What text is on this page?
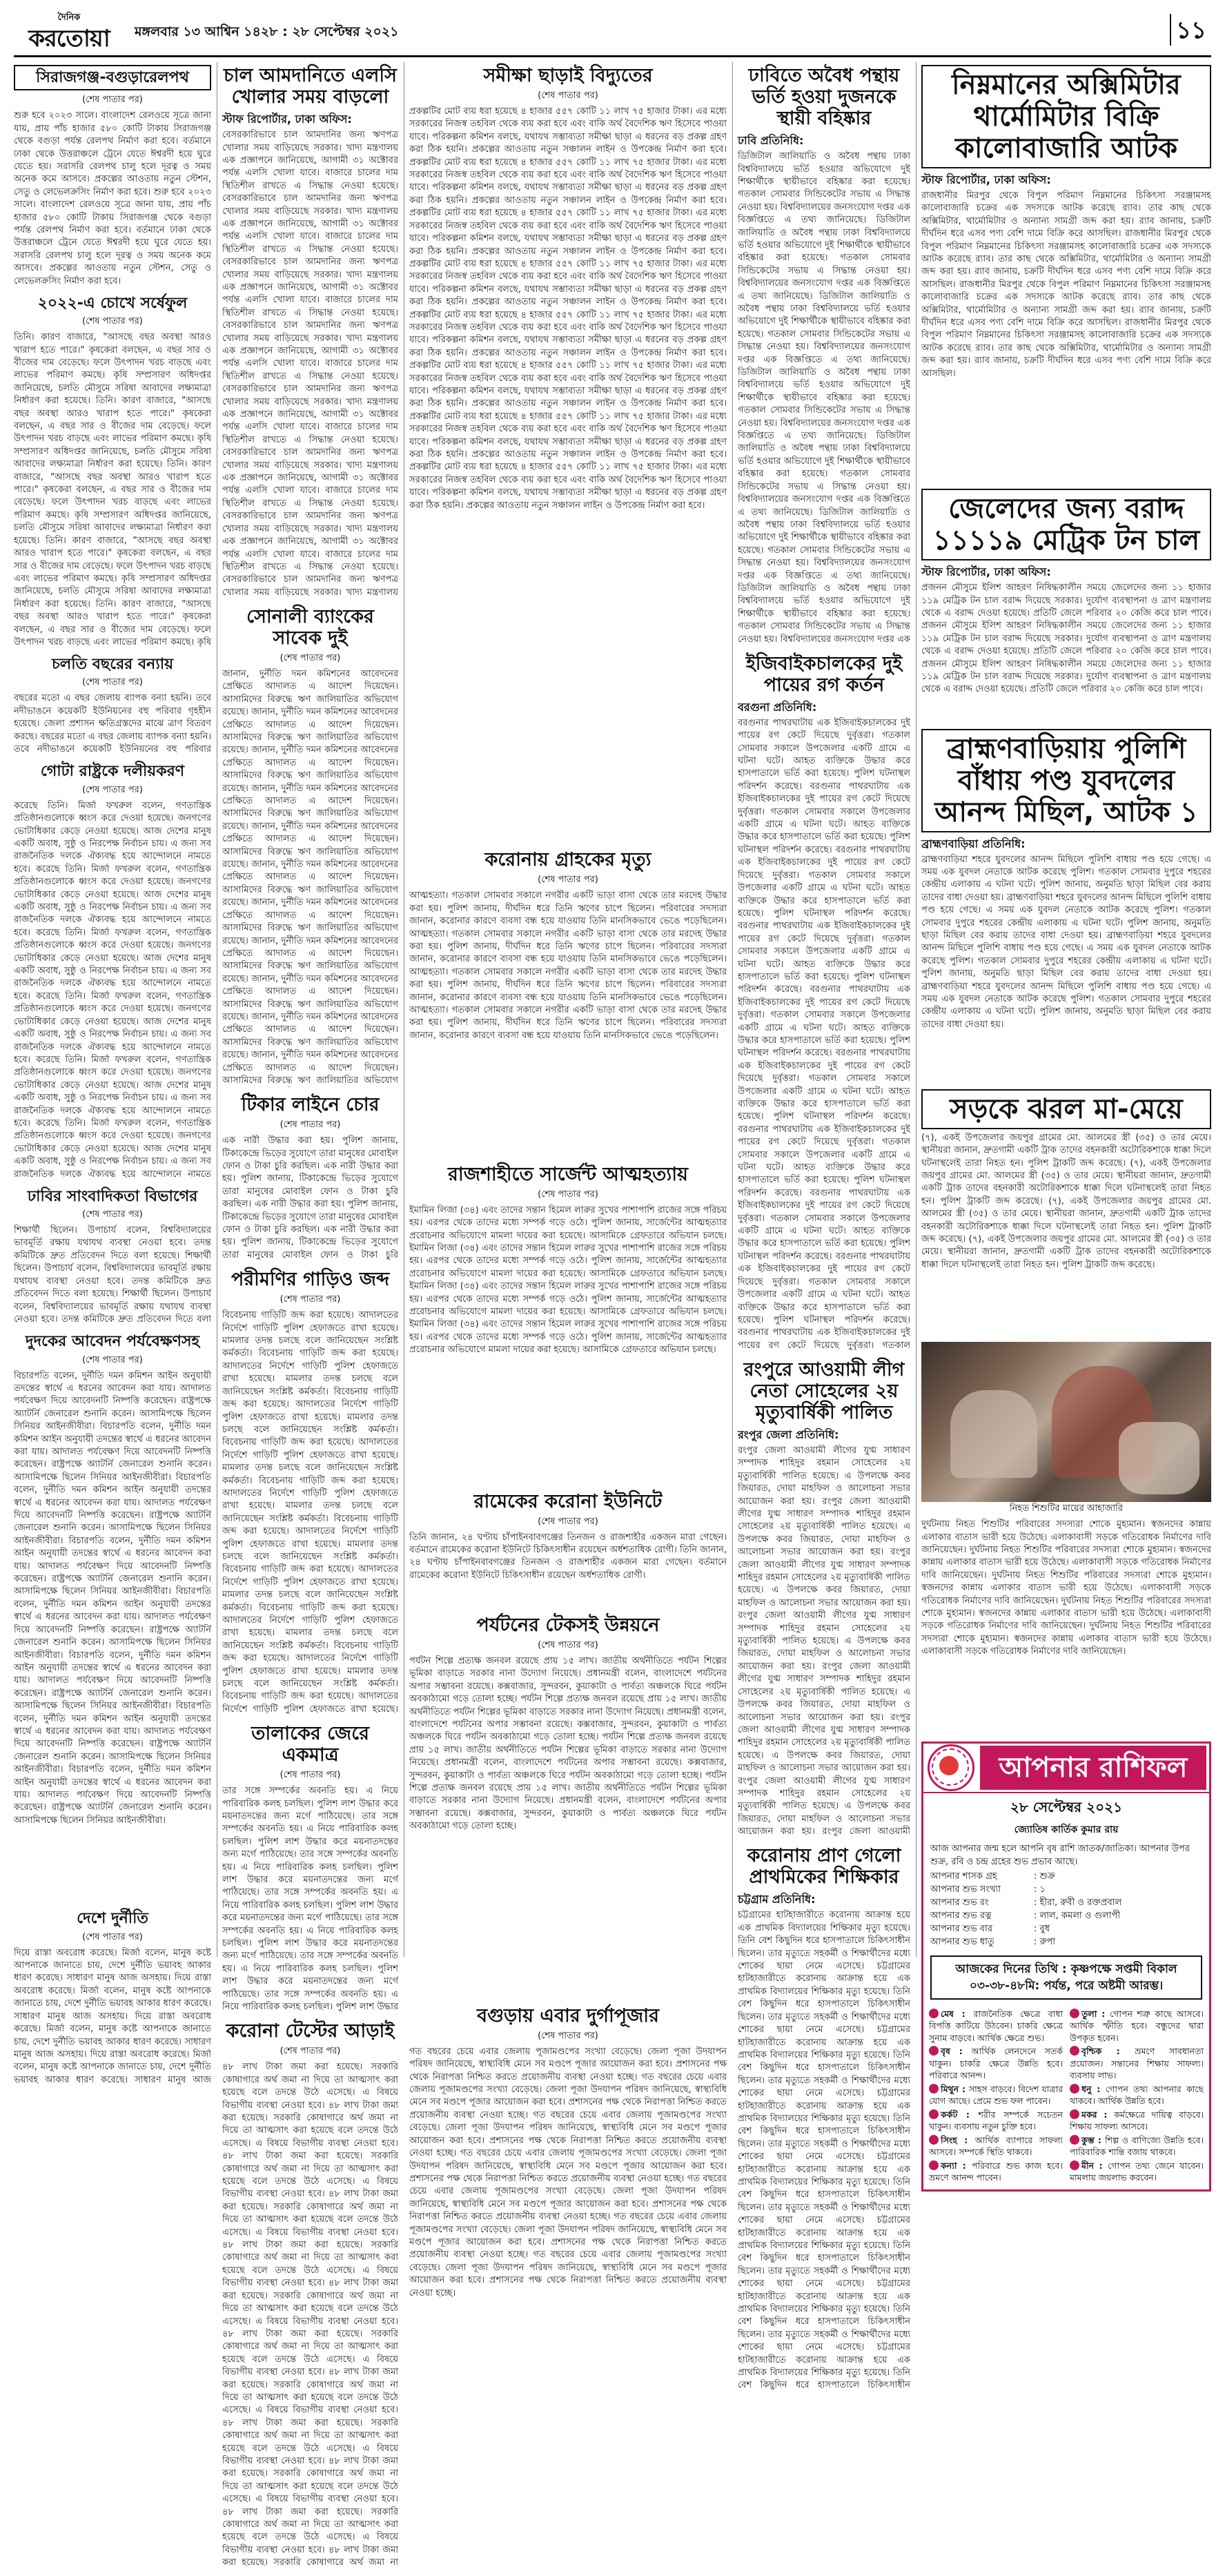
দৈনিক
করতোয়া	মঙ্গলবার ১৩ আশ্বিন ১৪২৮ : ২৮ সেপ্টেম্বর ২০২১	১১
সিরাজগঞ্জ-বগুড়ারেলপথ
(শেষ পাতার পর)
শুরু হবে ২০২৩ সালে। বাংলাদেশ রেলওয়ে সূত্রে জানা যায়, প্রায় পাঁচ হাজার ৫৮০ কোটি টাকায় সিরাজগঞ্জ থেকে বগুড়া পর্যন্ত রেলপথ নির্মাণ করা হবে। বর্তমানে ঢাকা থেকে উত্তরাঞ্চলে ট্রেনে যেতে ঈশ্বরদী হয়ে ঘুরে যেতে হয়। সরাসরি রেলপথ চালু হলে দূরত্ব ও সময় অনেক কমে আসবে। প্রকল্পের আওতায় নতুন স্টেশন, সেতু ও লেভেলক্রসিং নির্মাণ করা হবে। শুরু হবে ২০২৩ সালে। বাংলাদেশ রেলওয়ে সূত্রে জানা যায়, প্রায় পাঁচ হাজার ৫৮০ কোটি টাকায় সিরাজগঞ্জ থেকে বগুড়া পর্যন্ত রেলপথ নির্মাণ করা হবে। বর্তমানে ঢাকা থেকে উত্তরাঞ্চলে ট্রেনে যেতে ঈশ্বরদী হয়ে ঘুরে যেতে হয়। সরাসরি রেলপথ চালু হলে দূরত্ব ও সময় অনেক কমে আসবে। প্রকল্পের আওতায় নতুন স্টেশন, সেতু ও লেভেলক্রসিং নির্মাণ করা হবে।
২০২২-এ চোখে সর্ষেফুল
(শেষ পাতার পর)
তিনি। কারণ বাজারে, "আসছে বছর অবস্থা আরও খারাপ হতে পারে।" কৃষকেরা বলছেন, এ বছর সার ও বীজের দাম বেড়েছে। ফলে উৎপাদন খরচ বাড়ছে এবং লাভের পরিমাণ কমছে। কৃষি সম্প্রসারণ অধিদপ্তর জানিয়েছে, চলতি মৌসুমে সরিষা আবাদের লক্ষ্যমাত্রা নির্ধারণ করা হয়েছে। তিনি। কারণ বাজারে, "আসছে বছর অবস্থা আরও খারাপ হতে পারে।" কৃষকেরা বলছেন, এ বছর সার ও বীজের দাম বেড়েছে। ফলে উৎপাদন খরচ বাড়ছে এবং লাভের পরিমাণ কমছে। কৃষি সম্প্রসারণ অধিদপ্তর জানিয়েছে, চলতি মৌসুমে সরিষা আবাদের লক্ষ্যমাত্রা নির্ধারণ করা হয়েছে। তিনি। কারণ বাজারে, "আসছে বছর অবস্থা আরও খারাপ হতে পারে।" কৃষকেরা বলছেন, এ বছর সার ও বীজের দাম বেড়েছে। ফলে উৎপাদন খরচ বাড়ছে এবং লাভের পরিমাণ কমছে। কৃষি সম্প্রসারণ অধিদপ্তর জানিয়েছে, চলতি মৌসুমে সরিষা আবাদের লক্ষ্যমাত্রা নির্ধারণ করা হয়েছে। তিনি। কারণ বাজারে, "আসছে বছর অবস্থা আরও খারাপ হতে পারে।" কৃষকেরা বলছেন, এ বছর সার ও বীজের দাম বেড়েছে। ফলে উৎপাদন খরচ বাড়ছে এবং লাভের পরিমাণ কমছে। কৃষি সম্প্রসারণ অধিদপ্তর জানিয়েছে, চলতি মৌসুমে সরিষা আবাদের লক্ষ্যমাত্রা নির্ধারণ করা হয়েছে। তিনি। কারণ বাজারে, "আসছে বছর অবস্থা আরও খারাপ হতে পারে।" কৃষকেরা বলছেন, এ বছর সার ও বীজের দাম বেড়েছে। ফলে উৎপাদন খরচ বাড়ছে এবং লাভের পরিমাণ কমছে। কৃষি
চলতি বছরের বন্যায়
(শেষ পাতার পর)
বছরের মতো এ বছর জেলায় ব্যাপক বন্যা হয়নি। তবে নদীভাঙনে কয়েকটি ইউনিয়নের বহু পরিবার গৃহহীন হয়েছে। জেলা প্রশাসন ক্ষতিগ্রস্তদের মাঝে ত্রাণ বিতরণ করছে। বছরের মতো এ বছর জেলায় ব্যাপক বন্যা হয়নি। তবে নদীভাঙনে কয়েকটি ইউনিয়নের বহু পরিবার
গোটা রাষ্ট্রকে দলীয়করণ
(শেষ পাতার পর)
করেছে তিনি। মির্জা ফখরুল বলেন, গণতান্ত্রিক প্রতিষ্ঠানগুলোকে ধ্বংস করে দেওয়া হয়েছে। জনগণের ভোটাধিকার কেড়ে নেওয়া হয়েছে। আজ দেশের মানুষ একটি অবাধ, সুষ্ঠু ও নিরপেক্ষ নির্বাচন চায়। এ জন্য সব রাজনৈতিক দলকে ঐক্যবদ্ধ হয়ে আন্দোলনে নামতে হবে। করেছে তিনি। মির্জা ফখরুল বলেন, গণতান্ত্রিক প্রতিষ্ঠানগুলোকে ধ্বংস করে দেওয়া হয়েছে। জনগণের ভোটাধিকার কেড়ে নেওয়া হয়েছে। আজ দেশের মানুষ একটি অবাধ, সুষ্ঠু ও নিরপেক্ষ নির্বাচন চায়। এ জন্য সব রাজনৈতিক দলকে ঐক্যবদ্ধ হয়ে আন্দোলনে নামতে হবে। করেছে তিনি। মির্জা ফখরুল বলেন, গণতান্ত্রিক প্রতিষ্ঠানগুলোকে ধ্বংস করে দেওয়া হয়েছে। জনগণের ভোটাধিকার কেড়ে নেওয়া হয়েছে। আজ দেশের মানুষ একটি অবাধ, সুষ্ঠু ও নিরপেক্ষ নির্বাচন চায়। এ জন্য সব রাজনৈতিক দলকে ঐক্যবদ্ধ হয়ে আন্দোলনে নামতে হবে। করেছে তিনি। মির্জা ফখরুল বলেন, গণতান্ত্রিক প্রতিষ্ঠানগুলোকে ধ্বংস করে দেওয়া হয়েছে। জনগণের ভোটাধিকার কেড়ে নেওয়া হয়েছে। আজ দেশের মানুষ একটি অবাধ, সুষ্ঠু ও নিরপেক্ষ নির্বাচন চায়। এ জন্য সব রাজনৈতিক দলকে ঐক্যবদ্ধ হয়ে আন্দোলনে নামতে হবে। করেছে তিনি। মির্জা ফখরুল বলেন, গণতান্ত্রিক প্রতিষ্ঠানগুলোকে ধ্বংস করে দেওয়া হয়েছে। জনগণের ভোটাধিকার কেড়ে নেওয়া হয়েছে। আজ দেশের মানুষ একটি অবাধ, সুষ্ঠু ও নিরপেক্ষ নির্বাচন চায়। এ জন্য সব রাজনৈতিক দলকে ঐক্যবদ্ধ হয়ে আন্দোলনে নামতে হবে। করেছে তিনি। মির্জা ফখরুল বলেন, গণতান্ত্রিক প্রতিষ্ঠানগুলোকে ধ্বংস করে দেওয়া হয়েছে। জনগণের ভোটাধিকার কেড়ে নেওয়া হয়েছে। আজ দেশের মানুষ একটি অবাধ, সুষ্ঠু ও নিরপেক্ষ নির্বাচন চায়। এ জন্য সব রাজনৈতিক দলকে ঐক্যবদ্ধ হয়ে আন্দোলনে নামতে
ঢাবির সাংবাদিকতা বিভাগের
(শেষ পাতার পর)
শিক্ষার্থী ছিলেন। উপাচার্য বলেন, বিশ্ববিদ্যালয়ের ভাবমূর্তি রক্ষায় যথাযথ ব্যবস্থা নেওয়া হবে। তদন্ত কমিটিকে দ্রুত প্রতিবেদন দিতে বলা হয়েছে। শিক্ষার্থী ছিলেন। উপাচার্য বলেন, বিশ্ববিদ্যালয়ের ভাবমূর্তি রক্ষায় যথাযথ ব্যবস্থা নেওয়া হবে। তদন্ত কমিটিকে দ্রুত প্রতিবেদন দিতে বলা হয়েছে। শিক্ষার্থী ছিলেন। উপাচার্য বলেন, বিশ্ববিদ্যালয়ের ভাবমূর্তি রক্ষায় যথাযথ ব্যবস্থা নেওয়া হবে। তদন্ত কমিটিকে দ্রুত প্রতিবেদন দিতে বলা
দুদকের আবেদন পর্যবেক্ষণসহ
(শেষ পাতার পর)
বিচারপতি বলেন, দুর্নীতি দমন কমিশন আইন অনুযায়ী তদন্তের স্বার্থে এ ধরনের আবেদন করা যায়। আদালত পর্যবেক্ষণ দিয়ে আবেদনটি নিষ্পত্তি করেছেন। রাষ্ট্রপক্ষে অ্যাটর্নি জেনারেল শুনানি করেন। আসামিপক্ষে ছিলেন সিনিয়র আইনজীবীরা। বিচারপতি বলেন, দুর্নীতি দমন কমিশন আইন অনুযায়ী তদন্তের স্বার্থে এ ধরনের আবেদন করা যায়। আদালত পর্যবেক্ষণ দিয়ে আবেদনটি নিষ্পত্তি করেছেন। রাষ্ট্রপক্ষে অ্যাটর্নি জেনারেল শুনানি করেন। আসামিপক্ষে ছিলেন সিনিয়র আইনজীবীরা। বিচারপতি বলেন, দুর্নীতি দমন কমিশন আইন অনুযায়ী তদন্তের স্বার্থে এ ধরনের আবেদন করা যায়। আদালত পর্যবেক্ষণ দিয়ে আবেদনটি নিষ্পত্তি করেছেন। রাষ্ট্রপক্ষে অ্যাটর্নি জেনারেল শুনানি করেন। আসামিপক্ষে ছিলেন সিনিয়র আইনজীবীরা। বিচারপতি বলেন, দুর্নীতি দমন কমিশন আইন অনুযায়ী তদন্তের স্বার্থে এ ধরনের আবেদন করা যায়। আদালত পর্যবেক্ষণ দিয়ে আবেদনটি নিষ্পত্তি করেছেন। রাষ্ট্রপক্ষে অ্যাটর্নি জেনারেল শুনানি করেন। আসামিপক্ষে ছিলেন সিনিয়র আইনজীবীরা। বিচারপতি বলেন, দুর্নীতি দমন কমিশন আইন অনুযায়ী তদন্তের স্বার্থে এ ধরনের আবেদন করা যায়। আদালত পর্যবেক্ষণ দিয়ে আবেদনটি নিষ্পত্তি করেছেন। রাষ্ট্রপক্ষে অ্যাটর্নি জেনারেল শুনানি করেন। আসামিপক্ষে ছিলেন সিনিয়র আইনজীবীরা। বিচারপতি বলেন, দুর্নীতি দমন কমিশন আইন অনুযায়ী তদন্তের স্বার্থে এ ধরনের আবেদন করা যায়। আদালত পর্যবেক্ষণ দিয়ে আবেদনটি নিষ্পত্তি করেছেন। রাষ্ট্রপক্ষে অ্যাটর্নি জেনারেল শুনানি করেন। আসামিপক্ষে ছিলেন সিনিয়র আইনজীবীরা। বিচারপতি বলেন, দুর্নীতি দমন কমিশন আইন অনুযায়ী তদন্তের স্বার্থে এ ধরনের আবেদন করা যায়। আদালত পর্যবেক্ষণ দিয়ে আবেদনটি নিষ্পত্তি করেছেন। রাষ্ট্রপক্ষে অ্যাটর্নি জেনারেল শুনানি করেন। আসামিপক্ষে ছিলেন সিনিয়র আইনজীবীরা। বিচারপতি বলেন, দুর্নীতি দমন কমিশন আইন অনুযায়ী তদন্তের স্বার্থে এ ধরনের আবেদন করা যায়। আদালত পর্যবেক্ষণ দিয়ে আবেদনটি নিষ্পত্তি করেছেন। রাষ্ট্রপক্ষে অ্যাটর্নি জেনারেল শুনানি করেন। আসামিপক্ষে ছিলেন সিনিয়র আইনজীবীরা।
দেশে দুর্নীতি
(শেষ পাতার পর)
দিয়ে রাস্তা অবরোধ করেছে। মির্জা বলেন, মানুষ কষ্টে আপনাকে জানাতে চায়, দেশে দুর্নীতি ভয়াবহ আকার ধারণ করেছে। সাধারণ মানুষ আজ অসহায়। দিয়ে রাস্তা অবরোধ করেছে। মির্জা বলেন, মানুষ কষ্টে আপনাকে জানাতে চায়, দেশে দুর্নীতি ভয়াবহ আকার ধারণ করেছে। সাধারণ মানুষ আজ অসহায়। দিয়ে রাস্তা অবরোধ করেছে। মির্জা বলেন, মানুষ কষ্টে আপনাকে জানাতে চায়, দেশে দুর্নীতি ভয়াবহ আকার ধারণ করেছে। সাধারণ মানুষ আজ অসহায়। দিয়ে রাস্তা অবরোধ করেছে। মির্জা বলেন, মানুষ কষ্টে আপনাকে জানাতে চায়, দেশে দুর্নীতি ভয়াবহ আকার ধারণ করেছে। সাধারণ মানুষ আজ
চাল আমদানিতে এলসি খোলার সময় বাড়লো
স্টাফ রিপোর্টার, ঢাকা অফিস:
বেসরকারিভাবে চাল আমদানির জন্য ঋণপত্র খোলার সময় বাড়িয়েছে সরকার। খাদ্য মন্ত্রণালয় এক প্রজ্ঞাপনে জানিয়েছে, আগামী ৩১ অক্টোবর পর্যন্ত এলসি খোলা যাবে। বাজারে চালের দাম স্থিতিশীল রাখতে এ সিদ্ধান্ত নেওয়া হয়েছে। বেসরকারিভাবে চাল আমদানির জন্য ঋণপত্র খোলার সময় বাড়িয়েছে সরকার। খাদ্য মন্ত্রণালয় এক প্রজ্ঞাপনে জানিয়েছে, আগামী ৩১ অক্টোবর পর্যন্ত এলসি খোলা যাবে। বাজারে চালের দাম স্থিতিশীল রাখতে এ সিদ্ধান্ত নেওয়া হয়েছে। বেসরকারিভাবে চাল আমদানির জন্য ঋণপত্র খোলার সময় বাড়িয়েছে সরকার। খাদ্য মন্ত্রণালয় এক প্রজ্ঞাপনে জানিয়েছে, আগামী ৩১ অক্টোবর পর্যন্ত এলসি খোলা যাবে। বাজারে চালের দাম স্থিতিশীল রাখতে এ সিদ্ধান্ত নেওয়া হয়েছে। বেসরকারিভাবে চাল আমদানির জন্য ঋণপত্র খোলার সময় বাড়িয়েছে সরকার। খাদ্য মন্ত্রণালয় এক প্রজ্ঞাপনে জানিয়েছে, আগামী ৩১ অক্টোবর পর্যন্ত এলসি খোলা যাবে। বাজারে চালের দাম স্থিতিশীল রাখতে এ সিদ্ধান্ত নেওয়া হয়েছে। বেসরকারিভাবে চাল আমদানির জন্য ঋণপত্র খোলার সময় বাড়িয়েছে সরকার। খাদ্য মন্ত্রণালয় এক প্রজ্ঞাপনে জানিয়েছে, আগামী ৩১ অক্টোবর পর্যন্ত এলসি খোলা যাবে। বাজারে চালের দাম স্থিতিশীল রাখতে এ সিদ্ধান্ত নেওয়া হয়েছে। বেসরকারিভাবে চাল আমদানির জন্য ঋণপত্র খোলার সময় বাড়িয়েছে সরকার। খাদ্য মন্ত্রণালয় এক প্রজ্ঞাপনে জানিয়েছে, আগামী ৩১ অক্টোবর পর্যন্ত এলসি খোলা যাবে। বাজারে চালের দাম স্থিতিশীল রাখতে এ সিদ্ধান্ত নেওয়া হয়েছে। বেসরকারিভাবে চাল আমদানির জন্য ঋণপত্র খোলার সময় বাড়িয়েছে সরকার। খাদ্য মন্ত্রণালয় এক প্রজ্ঞাপনে জানিয়েছে, আগামী ৩১ অক্টোবর পর্যন্ত এলসি খোলা যাবে। বাজারে চালের দাম স্থিতিশীল রাখতে এ সিদ্ধান্ত নেওয়া হয়েছে। বেসরকারিভাবে চাল আমদানির জন্য ঋণপত্র খোলার সময় বাড়িয়েছে সরকার। খাদ্য মন্ত্রণালয়
সোনালী ব্যাংকের সাবেক দুই
(শেষ পাতার পর)
জানান, দুর্নীতি দমন কমিশনের আবেদনের প্রেক্ষিতে আদালত এ আদেশ দিয়েছেন। আসামিদের বিরুদ্ধে ঋণ জালিয়াতির অভিযোগ রয়েছে। জানান, দুর্নীতি দমন কমিশনের আবেদনের প্রেক্ষিতে আদালত এ আদেশ দিয়েছেন। আসামিদের বিরুদ্ধে ঋণ জালিয়াতির অভিযোগ রয়েছে। জানান, দুর্নীতি দমন কমিশনের আবেদনের প্রেক্ষিতে আদালত এ আদেশ দিয়েছেন। আসামিদের বিরুদ্ধে ঋণ জালিয়াতির অভিযোগ রয়েছে। জানান, দুর্নীতি দমন কমিশনের আবেদনের প্রেক্ষিতে আদালত এ আদেশ দিয়েছেন। আসামিদের বিরুদ্ধে ঋণ জালিয়াতির অভিযোগ রয়েছে। জানান, দুর্নীতি দমন কমিশনের আবেদনের প্রেক্ষিতে আদালত এ আদেশ দিয়েছেন। আসামিদের বিরুদ্ধে ঋণ জালিয়াতির অভিযোগ রয়েছে। জানান, দুর্নীতি দমন কমিশনের আবেদনের প্রেক্ষিতে আদালত এ আদেশ দিয়েছেন। আসামিদের বিরুদ্ধে ঋণ জালিয়াতির অভিযোগ রয়েছে। জানান, দুর্নীতি দমন কমিশনের আবেদনের প্রেক্ষিতে আদালত এ আদেশ দিয়েছেন। আসামিদের বিরুদ্ধে ঋণ জালিয়াতির অভিযোগ রয়েছে। জানান, দুর্নীতি দমন কমিশনের আবেদনের প্রেক্ষিতে আদালত এ আদেশ দিয়েছেন। আসামিদের বিরুদ্ধে ঋণ জালিয়াতির অভিযোগ রয়েছে। জানান, দুর্নীতি দমন কমিশনের আবেদনের প্রেক্ষিতে আদালত এ আদেশ দিয়েছেন। আসামিদের বিরুদ্ধে ঋণ জালিয়াতির অভিযোগ রয়েছে। জানান, দুর্নীতি দমন কমিশনের আবেদনের প্রেক্ষিতে আদালত এ আদেশ দিয়েছেন। আসামিদের বিরুদ্ধে ঋণ জালিয়াতির অভিযোগ রয়েছে। জানান, দুর্নীতি দমন কমিশনের আবেদনের প্রেক্ষিতে আদালত এ আদেশ দিয়েছেন। আসামিদের বিরুদ্ধে ঋণ জালিয়াতির অভিযোগ
টিকার লাইনে চোর
(শেষ পাতার পর)
এক নারী উদ্ধার করা হয়। পুলিশ জানায়, টিকাকেন্দ্রে ভিড়ের সুযোগে তারা মানুষের মোবাইল ফোন ও টাকা চুরি করছিল। এক নারী উদ্ধার করা হয়। পুলিশ জানায়, টিকাকেন্দ্রে ভিড়ের সুযোগে তারা মানুষের মোবাইল ফোন ও টাকা চুরি করছিল। এক নারী উদ্ধার করা হয়। পুলিশ জানায়, টিকাকেন্দ্রে ভিড়ের সুযোগে তারা মানুষের মোবাইল ফোন ও টাকা চুরি করছিল। এক নারী উদ্ধার করা হয়। পুলিশ জানায়, টিকাকেন্দ্রে ভিড়ের সুযোগে তারা মানুষের মোবাইল ফোন ও টাকা চুরি
পরীমণির গাড়িও জব্দ
(শেষ পাতার পর)
বিবেচনায় গাড়িটি জব্দ করা হয়েছে। আদালতের নির্দেশে গাড়িটি পুলিশ হেফাজতে রাখা হয়েছে। মামলার তদন্ত চলছে বলে জানিয়েছেন সংশ্লিষ্ট কর্মকর্তা। বিবেচনায় গাড়িটি জব্দ করা হয়েছে। আদালতের নির্দেশে গাড়িটি পুলিশ হেফাজতে রাখা হয়েছে। মামলার তদন্ত চলছে বলে জানিয়েছেন সংশ্লিষ্ট কর্মকর্তা। বিবেচনায় গাড়িটি জব্দ করা হয়েছে। আদালতের নির্দেশে গাড়িটি পুলিশ হেফাজতে রাখা হয়েছে। মামলার তদন্ত চলছে বলে জানিয়েছেন সংশ্লিষ্ট কর্মকর্তা। বিবেচনায় গাড়িটি জব্দ করা হয়েছে। আদালতের নির্দেশে গাড়িটি পুলিশ হেফাজতে রাখা হয়েছে। মামলার তদন্ত চলছে বলে জানিয়েছেন সংশ্লিষ্ট কর্মকর্তা। বিবেচনায় গাড়িটি জব্দ করা হয়েছে। আদালতের নির্দেশে গাড়িটি পুলিশ হেফাজতে রাখা হয়েছে। মামলার তদন্ত চলছে বলে জানিয়েছেন সংশ্লিষ্ট কর্মকর্তা। বিবেচনায় গাড়িটি জব্দ করা হয়েছে। আদালতের নির্দেশে গাড়িটি পুলিশ হেফাজতে রাখা হয়েছে। মামলার তদন্ত চলছে বলে জানিয়েছেন সংশ্লিষ্ট কর্মকর্তা। বিবেচনায় গাড়িটি জব্দ করা হয়েছে। আদালতের নির্দেশে গাড়িটি পুলিশ হেফাজতে রাখা হয়েছে। মামলার তদন্ত চলছে বলে জানিয়েছেন সংশ্লিষ্ট কর্মকর্তা। বিবেচনায় গাড়িটি জব্দ করা হয়েছে। আদালতের নির্দেশে গাড়িটি পুলিশ হেফাজতে রাখা হয়েছে। মামলার তদন্ত চলছে বলে জানিয়েছেন সংশ্লিষ্ট কর্মকর্তা। বিবেচনায় গাড়িটি জব্দ করা হয়েছে। আদালতের নির্দেশে গাড়িটি পুলিশ হেফাজতে রাখা হয়েছে। মামলার তদন্ত চলছে বলে জানিয়েছেন সংশ্লিষ্ট কর্মকর্তা। বিবেচনায় গাড়িটি জব্দ করা হয়েছে। আদালতের নির্দেশে গাড়িটি পুলিশ হেফাজতে রাখা হয়েছে।
তালাকের জেরে একমাত্র
(শেষ পাতার পর)
তার সঙ্গে সম্পর্কের অবনতি হয়। এ নিয়ে পারিবারিক কলহ চলছিল। পুলিশ লাশ উদ্ধার করে ময়নাতদন্তের জন্য মর্গে পাঠিয়েছে। তার সঙ্গে সম্পর্কের অবনতি হয়। এ নিয়ে পারিবারিক কলহ চলছিল। পুলিশ লাশ উদ্ধার করে ময়নাতদন্তের জন্য মর্গে পাঠিয়েছে। তার সঙ্গে সম্পর্কের অবনতি হয়। এ নিয়ে পারিবারিক কলহ চলছিল। পুলিশ লাশ উদ্ধার করে ময়নাতদন্তের জন্য মর্গে পাঠিয়েছে। তার সঙ্গে সম্পর্কের অবনতি হয়। এ নিয়ে পারিবারিক কলহ চলছিল। পুলিশ লাশ উদ্ধার করে ময়নাতদন্তের জন্য মর্গে পাঠিয়েছে। তার সঙ্গে সম্পর্কের অবনতি হয়। এ নিয়ে পারিবারিক কলহ চলছিল। পুলিশ লাশ উদ্ধার করে ময়নাতদন্তের জন্য মর্গে পাঠিয়েছে। তার সঙ্গে সম্পর্কের অবনতি হয়। এ নিয়ে পারিবারিক কলহ চলছিল। পুলিশ লাশ উদ্ধার করে ময়নাতদন্তের জন্য মর্গে পাঠিয়েছে। তার সঙ্গে সম্পর্কের অবনতি হয়। এ নিয়ে পারিবারিক কলহ চলছিল। পুলিশ লাশ উদ্ধার
করোনা টেস্টের আড়াই
(শেষ পাতার পর)
৪৮ লাখ টাকা জমা করা হয়েছে। সরকারি কোষাগারে অর্থ জমা না দিয়ে তা আত্মসাৎ করা হয়েছে বলে তদন্তে উঠে এসেছে। এ বিষয়ে বিভাগীয় ব্যবস্থা নেওয়া হবে। ৪৮ লাখ টাকা জমা করা হয়েছে। সরকারি কোষাগারে অর্থ জমা না দিয়ে তা আত্মসাৎ করা হয়েছে বলে তদন্তে উঠে এসেছে। এ বিষয়ে বিভাগীয় ব্যবস্থা নেওয়া হবে। ৪৮ লাখ টাকা জমা করা হয়েছে। সরকারি কোষাগারে অর্থ জমা না দিয়ে তা আত্মসাৎ করা হয়েছে বলে তদন্তে উঠে এসেছে। এ বিষয়ে বিভাগীয় ব্যবস্থা নেওয়া হবে। ৪৮ লাখ টাকা জমা করা হয়েছে। সরকারি কোষাগারে অর্থ জমা না দিয়ে তা আত্মসাৎ করা হয়েছে বলে তদন্তে উঠে এসেছে। এ বিষয়ে বিভাগীয় ব্যবস্থা নেওয়া হবে। ৪৮ লাখ টাকা জমা করা হয়েছে। সরকারি কোষাগারে অর্থ জমা না দিয়ে তা আত্মসাৎ করা হয়েছে বলে তদন্তে উঠে এসেছে। এ বিষয়ে বিভাগীয় ব্যবস্থা নেওয়া হবে। ৪৮ লাখ টাকা জমা করা হয়েছে। সরকারি কোষাগারে অর্থ জমা না দিয়ে তা আত্মসাৎ করা হয়েছে বলে তদন্তে উঠে এসেছে। এ বিষয়ে বিভাগীয় ব্যবস্থা নেওয়া হবে। ৪৮ লাখ টাকা জমা করা হয়েছে। সরকারি কোষাগারে অর্থ জমা না দিয়ে তা আত্মসাৎ করা হয়েছে বলে তদন্তে উঠে এসেছে। এ বিষয়ে বিভাগীয় ব্যবস্থা নেওয়া হবে। ৪৮ লাখ টাকা জমা করা হয়েছে। সরকারি কোষাগারে অর্থ জমা না দিয়ে তা আত্মসাৎ করা হয়েছে বলে তদন্তে উঠে এসেছে। এ বিষয়ে বিভাগীয় ব্যবস্থা নেওয়া হবে। ৪৮ লাখ টাকা জমা করা হয়েছে। সরকারি কোষাগারে অর্থ জমা না দিয়ে তা আত্মসাৎ করা হয়েছে বলে তদন্তে উঠে এসেছে। এ বিষয়ে বিভাগীয় ব্যবস্থা নেওয়া হবে। ৪৮ লাখ টাকা জমা করা হয়েছে। সরকারি কোষাগারে অর্থ জমা না দিয়ে তা আত্মসাৎ করা হয়েছে বলে তদন্তে উঠে এসেছে। এ বিষয়ে বিভাগীয় ব্যবস্থা নেওয়া হবে। ৪৮ লাখ টাকা জমা করা হয়েছে। সরকারি কোষাগারে অর্থ জমা না দিয়ে তা আত্মসাৎ করা হয়েছে বলে তদন্তে উঠে এসেছে। এ বিষয়ে বিভাগীয় ব্যবস্থা নেওয়া হবে। ৪৮ লাখ টাকা জমা করা হয়েছে। সরকারি কোষাগারে অর্থ জমা না
সমীক্ষা ছাড়াই বিদ্যুতের
(শেষ পাতার পর)
প্রকল্পটির মোট ব্যয় ধরা হয়েছে ৪ হাজার ৫৫৭ কোটি ১১ লাখ ৭৫ হাজার টাকা। এর মধ্যে সরকারের নিজস্ব তহবিল থেকে ব্যয় করা হবে এবং বাকি অর্থ বৈদেশিক ঋণ হিসেবে পাওয়া যাবে। পরিকল্পনা কমিশন বলছে, যথাযথ সম্ভাব্যতা সমীক্ষা ছাড়া এ ধরনের বড় প্রকল্প গ্রহণ করা ঠিক হয়নি। প্রকল্পের আওতায় নতুন সঞ্চালন লাইন ও উপকেন্দ্র নির্মাণ করা হবে। প্রকল্পটির মোট ব্যয় ধরা হয়েছে ৪ হাজার ৫৫৭ কোটি ১১ লাখ ৭৫ হাজার টাকা। এর মধ্যে সরকারের নিজস্ব তহবিল থেকে ব্যয় করা হবে এবং বাকি অর্থ বৈদেশিক ঋণ হিসেবে পাওয়া যাবে। পরিকল্পনা কমিশন বলছে, যথাযথ সম্ভাব্যতা সমীক্ষা ছাড়া এ ধরনের বড় প্রকল্প গ্রহণ করা ঠিক হয়নি। প্রকল্পের আওতায় নতুন সঞ্চালন লাইন ও উপকেন্দ্র নির্মাণ করা হবে। প্রকল্পটির মোট ব্যয় ধরা হয়েছে ৪ হাজার ৫৫৭ কোটি ১১ লাখ ৭৫ হাজার টাকা। এর মধ্যে সরকারের নিজস্ব তহবিল থেকে ব্যয় করা হবে এবং বাকি অর্থ বৈদেশিক ঋণ হিসেবে পাওয়া যাবে। পরিকল্পনা কমিশন বলছে, যথাযথ সম্ভাব্যতা সমীক্ষা ছাড়া এ ধরনের বড় প্রকল্প গ্রহণ করা ঠিক হয়নি। প্রকল্পের আওতায় নতুন সঞ্চালন লাইন ও উপকেন্দ্র নির্মাণ করা হবে। প্রকল্পটির মোট ব্যয় ধরা হয়েছে ৪ হাজার ৫৫৭ কোটি ১১ লাখ ৭৫ হাজার টাকা। এর মধ্যে সরকারের নিজস্ব তহবিল থেকে ব্যয় করা হবে এবং বাকি অর্থ বৈদেশিক ঋণ হিসেবে পাওয়া যাবে। পরিকল্পনা কমিশন বলছে, যথাযথ সম্ভাব্যতা সমীক্ষা ছাড়া এ ধরনের বড় প্রকল্প গ্রহণ করা ঠিক হয়নি। প্রকল্পের আওতায় নতুন সঞ্চালন লাইন ও উপকেন্দ্র নির্মাণ করা হবে। প্রকল্পটির মোট ব্যয় ধরা হয়েছে ৪ হাজার ৫৫৭ কোটি ১১ লাখ ৭৫ হাজার টাকা। এর মধ্যে সরকারের নিজস্ব তহবিল থেকে ব্যয় করা হবে এবং বাকি অর্থ বৈদেশিক ঋণ হিসেবে পাওয়া যাবে। পরিকল্পনা কমিশন বলছে, যথাযথ সম্ভাব্যতা সমীক্ষা ছাড়া এ ধরনের বড় প্রকল্প গ্রহণ করা ঠিক হয়নি। প্রকল্পের আওতায় নতুন সঞ্চালন লাইন ও উপকেন্দ্র নির্মাণ করা হবে। প্রকল্পটির মোট ব্যয় ধরা হয়েছে ৪ হাজার ৫৫৭ কোটি ১১ লাখ ৭৫ হাজার টাকা। এর মধ্যে সরকারের নিজস্ব তহবিল থেকে ব্যয় করা হবে এবং বাকি অর্থ বৈদেশিক ঋণ হিসেবে পাওয়া যাবে। পরিকল্পনা কমিশন বলছে, যথাযথ সম্ভাব্যতা সমীক্ষা ছাড়া এ ধরনের বড় প্রকল্প গ্রহণ করা ঠিক হয়নি। প্রকল্পের আওতায় নতুন সঞ্চালন লাইন ও উপকেন্দ্র নির্মাণ করা হবে। প্রকল্পটির মোট ব্যয় ধরা হয়েছে ৪ হাজার ৫৫৭ কোটি ১১ লাখ ৭৫ হাজার টাকা। এর মধ্যে সরকারের নিজস্ব তহবিল থেকে ব্যয় করা হবে এবং বাকি অর্থ বৈদেশিক ঋণ হিসেবে পাওয়া যাবে। পরিকল্পনা কমিশন বলছে, যথাযথ সম্ভাব্যতা সমীক্ষা ছাড়া এ ধরনের বড় প্রকল্প গ্রহণ করা ঠিক হয়নি। প্রকল্পের আওতায় নতুন সঞ্চালন লাইন ও উপকেন্দ্র নির্মাণ করা হবে। প্রকল্পটির মোট ব্যয় ধরা হয়েছে ৪ হাজার ৫৫৭ কোটি ১১ লাখ ৭৫ হাজার টাকা। এর মধ্যে সরকারের নিজস্ব তহবিল থেকে ব্যয় করা হবে এবং বাকি অর্থ বৈদেশিক ঋণ হিসেবে পাওয়া যাবে। পরিকল্পনা কমিশন বলছে, যথাযথ সম্ভাব্যতা সমীক্ষা ছাড়া এ ধরনের বড় প্রকল্প গ্রহণ করা ঠিক হয়নি। প্রকল্পের আওতায় নতুন সঞ্চালন লাইন ও উপকেন্দ্র নির্মাণ করা হবে।
করোনায় গ্রাহকের মৃত্যু
(শেষ পাতার পর)
আত্মহত্যা। গতকাল সোমবার সকালে নগরীর একটি ভাড়া বাসা থেকে তার মরদেহ উদ্ধার করা হয়। পুলিশ জানায়, দীর্ঘদিন ধরে তিনি ঋণের চাপে ছিলেন। পরিবারের সদস্যরা জানান, করোনার কারণে ব্যবসা বন্ধ হয়ে যাওয়ায় তিনি মানসিকভাবে ভেঙে পড়েছিলেন। আত্মহত্যা। গতকাল সোমবার সকালে নগরীর একটি ভাড়া বাসা থেকে তার মরদেহ উদ্ধার করা হয়। পুলিশ জানায়, দীর্ঘদিন ধরে তিনি ঋণের চাপে ছিলেন। পরিবারের সদস্যরা জানান, করোনার কারণে ব্যবসা বন্ধ হয়ে যাওয়ায় তিনি মানসিকভাবে ভেঙে পড়েছিলেন। আত্মহত্যা। গতকাল সোমবার সকালে নগরীর একটি ভাড়া বাসা থেকে তার মরদেহ উদ্ধার করা হয়। পুলিশ জানায়, দীর্ঘদিন ধরে তিনি ঋণের চাপে ছিলেন। পরিবারের সদস্যরা জানান, করোনার কারণে ব্যবসা বন্ধ হয়ে যাওয়ায় তিনি মানসিকভাবে ভেঙে পড়েছিলেন। আত্মহত্যা। গতকাল সোমবার সকালে নগরীর একটি ভাড়া বাসা থেকে তার মরদেহ উদ্ধার করা হয়। পুলিশ জানায়, দীর্ঘদিন ধরে তিনি ঋণের চাপে ছিলেন। পরিবারের সদস্যরা জানান, করোনার কারণে ব্যবসা বন্ধ হয়ে যাওয়ায় তিনি মানসিকভাবে ভেঙে পড়েছিলেন।
রাজশাহীতে সার্জেন্ট আত্মহত্যায়
(শেষ পাতার পর)
ইমামিন লিজা (৩৪) এবং তাদের সন্তান হিমেল লারুর সুখের পাশাপাশি রাজের সঙ্গে পরিচয় হয়। এরপর থেকে তাদের মধ্যে সম্পর্ক গড়ে ওঠে। পুলিশ জানায়, সার্জেন্টের আত্মহত্যার প্ররোচনার অভিযোগে মামলা দায়ের করা হয়েছে। আসামিকে গ্রেফতারে অভিযান চলছে। ইমামিন লিজা (৩৪) এবং তাদের সন্তান হিমেল লারুর সুখের পাশাপাশি রাজের সঙ্গে পরিচয় হয়। এরপর থেকে তাদের মধ্যে সম্পর্ক গড়ে ওঠে। পুলিশ জানায়, সার্জেন্টের আত্মহত্যার প্ররোচনার অভিযোগে মামলা দায়ের করা হয়েছে। আসামিকে গ্রেফতারে অভিযান চলছে। ইমামিন লিজা (৩৪) এবং তাদের সন্তান হিমেল লারুর সুখের পাশাপাশি রাজের সঙ্গে পরিচয় হয়। এরপর থেকে তাদের মধ্যে সম্পর্ক গড়ে ওঠে। পুলিশ জানায়, সার্জেন্টের আত্মহত্যার প্ররোচনার অভিযোগে মামলা দায়ের করা হয়েছে। আসামিকে গ্রেফতারে অভিযান চলছে। ইমামিন লিজা (৩৪) এবং তাদের সন্তান হিমেল লারুর সুখের পাশাপাশি রাজের সঙ্গে পরিচয় হয়। এরপর থেকে তাদের মধ্যে সম্পর্ক গড়ে ওঠে। পুলিশ জানায়, সার্জেন্টের আত্মহত্যার প্ররোচনার অভিযোগে মামলা দায়ের করা হয়েছে। আসামিকে গ্রেফতারে অভিযান চলছে।
রামেকের করোনা ইউনিটে
(শেষ পাতার পর)
তিনি জানান, ২৪ ঘণ্টায় চাঁপাইনবাবগঞ্জের তিনজন ও রাজশাহীর একজন মারা গেছেন। বর্তমানে রামেকের করোনা ইউনিটে চিকিৎসাধীন রয়েছেন অর্ধশতাধিক রোগী। তিনি জানান, ২৪ ঘণ্টায় চাঁপাইনবাবগঞ্জের তিনজন ও রাজশাহীর একজন মারা গেছেন। বর্তমানে রামেকের করোনা ইউনিটে চিকিৎসাধীন রয়েছেন অর্ধশতাধিক রোগী।
পর্যটনের টেকসই উন্নয়নে
(শেষ পাতার পর)
পর্যটন শিল্পে প্রত্যক্ষ জনবল রয়েছে প্রায় ১৫ লাখ। জাতীয় অর্থনীতিতে পর্যটন শিল্পের ভূমিকা বাড়াতে সরকার নানা উদ্যোগ নিয়েছে। প্রধানমন্ত্রী বলেন, বাংলাদেশে পর্যটনের অপার সম্ভাবনা রয়েছে। কক্সবাজার, সুন্দরবন, কুয়াকাটা ও পার্বত্য অঞ্চলকে ঘিরে পর্যটন অবকাঠামো গড়ে তোলা হচ্ছে। পর্যটন শিল্পে প্রত্যক্ষ জনবল রয়েছে প্রায় ১৫ লাখ। জাতীয় অর্থনীতিতে পর্যটন শিল্পের ভূমিকা বাড়াতে সরকার নানা উদ্যোগ নিয়েছে। প্রধানমন্ত্রী বলেন, বাংলাদেশে পর্যটনের অপার সম্ভাবনা রয়েছে। কক্সবাজার, সুন্দরবন, কুয়াকাটা ও পার্বত্য অঞ্চলকে ঘিরে পর্যটন অবকাঠামো গড়ে তোলা হচ্ছে। পর্যটন শিল্পে প্রত্যক্ষ জনবল রয়েছে প্রায় ১৫ লাখ। জাতীয় অর্থনীতিতে পর্যটন শিল্পের ভূমিকা বাড়াতে সরকার নানা উদ্যোগ নিয়েছে। প্রধানমন্ত্রী বলেন, বাংলাদেশে পর্যটনের অপার সম্ভাবনা রয়েছে। কক্সবাজার, সুন্দরবন, কুয়াকাটা ও পার্বত্য অঞ্চলকে ঘিরে পর্যটন অবকাঠামো গড়ে তোলা হচ্ছে। পর্যটন শিল্পে প্রত্যক্ষ জনবল রয়েছে প্রায় ১৫ লাখ। জাতীয় অর্থনীতিতে পর্যটন শিল্পের ভূমিকা বাড়াতে সরকার নানা উদ্যোগ নিয়েছে। প্রধানমন্ত্রী বলেন, বাংলাদেশে পর্যটনের অপার সম্ভাবনা রয়েছে। কক্সবাজার, সুন্দরবন, কুয়াকাটা ও পার্বত্য অঞ্চলকে ঘিরে পর্যটন অবকাঠামো গড়ে তোলা হচ্ছে।
বগুড়ায় এবার দুর্গাপূজার
(শেষ পাতার পর)
গত বছরের চেয়ে এবার জেলায় পূজামণ্ডপের সংখ্যা বেড়েছে। জেলা পূজা উদযাপন পরিষদ জানিয়েছে, স্বাস্থ্যবিধি মেনে সব মণ্ডপে পূজার আয়োজন করা হবে। প্রশাসনের পক্ষ থেকে নিরাপত্তা নিশ্চিত করতে প্রয়োজনীয় ব্যবস্থা নেওয়া হচ্ছে। গত বছরের চেয়ে এবার জেলায় পূজামণ্ডপের সংখ্যা বেড়েছে। জেলা পূজা উদযাপন পরিষদ জানিয়েছে, স্বাস্থ্যবিধি মেনে সব মণ্ডপে পূজার আয়োজন করা হবে। প্রশাসনের পক্ষ থেকে নিরাপত্তা নিশ্চিত করতে প্রয়োজনীয় ব্যবস্থা নেওয়া হচ্ছে। গত বছরের চেয়ে এবার জেলায় পূজামণ্ডপের সংখ্যা বেড়েছে। জেলা পূজা উদযাপন পরিষদ জানিয়েছে, স্বাস্থ্যবিধি মেনে সব মণ্ডপে পূজার আয়োজন করা হবে। প্রশাসনের পক্ষ থেকে নিরাপত্তা নিশ্চিত করতে প্রয়োজনীয় ব্যবস্থা নেওয়া হচ্ছে। গত বছরের চেয়ে এবার জেলায় পূজামণ্ডপের সংখ্যা বেড়েছে। জেলা পূজা উদযাপন পরিষদ জানিয়েছে, স্বাস্থ্যবিধি মেনে সব মণ্ডপে পূজার আয়োজন করা হবে। প্রশাসনের পক্ষ থেকে নিরাপত্তা নিশ্চিত করতে প্রয়োজনীয় ব্যবস্থা নেওয়া হচ্ছে। গত বছরের চেয়ে এবার জেলায় পূজামণ্ডপের সংখ্যা বেড়েছে। জেলা পূজা উদযাপন পরিষদ জানিয়েছে, স্বাস্থ্যবিধি মেনে সব মণ্ডপে পূজার আয়োজন করা হবে। প্রশাসনের পক্ষ থেকে নিরাপত্তা নিশ্চিত করতে প্রয়োজনীয় ব্যবস্থা নেওয়া হচ্ছে। গত বছরের চেয়ে এবার জেলায় পূজামণ্ডপের সংখ্যা বেড়েছে। জেলা পূজা উদযাপন পরিষদ জানিয়েছে, স্বাস্থ্যবিধি মেনে সব মণ্ডপে পূজার আয়োজন করা হবে। প্রশাসনের পক্ষ থেকে নিরাপত্তা নিশ্চিত করতে প্রয়োজনীয় ব্যবস্থা নেওয়া হচ্ছে। গত বছরের চেয়ে এবার জেলায় পূজামণ্ডপের সংখ্যা বেড়েছে। জেলা পূজা উদযাপন পরিষদ জানিয়েছে, স্বাস্থ্যবিধি মেনে সব মণ্ডপে পূজার আয়োজন করা হবে। প্রশাসনের পক্ষ থেকে নিরাপত্তা নিশ্চিত করতে প্রয়োজনীয় ব্যবস্থা নেওয়া হচ্ছে।
ঢাবিতে অবৈধ পন্থায় ভর্তি হওয়া দুজনকে স্থায়ী বহিষ্কার
ঢাবি প্রতিনিধি:
ডিজিটাল জালিয়াতি ও অবৈধ পন্থায় ঢাকা বিশ্ববিদ্যালয়ে ভর্তি হওয়ার অভিযোগে দুই শিক্ষার্থীকে স্থায়ীভাবে বহিষ্কার করা হয়েছে। গতকাল সোমবার সিন্ডিকেটের সভায় এ সিদ্ধান্ত নেওয়া হয়। বিশ্ববিদ্যালয়ের জনসংযোগ দপ্তর এক বিজ্ঞপ্তিতে এ তথ্য জানিয়েছে। ডিজিটাল জালিয়াতি ও অবৈধ পন্থায় ঢাকা বিশ্ববিদ্যালয়ে ভর্তি হওয়ার অভিযোগে দুই শিক্ষার্থীকে স্থায়ীভাবে বহিষ্কার করা হয়েছে। গতকাল সোমবার সিন্ডিকেটের সভায় এ সিদ্ধান্ত নেওয়া হয়। বিশ্ববিদ্যালয়ের জনসংযোগ দপ্তর এক বিজ্ঞপ্তিতে এ তথ্য জানিয়েছে। ডিজিটাল জালিয়াতি ও অবৈধ পন্থায় ঢাকা বিশ্ববিদ্যালয়ে ভর্তি হওয়ার অভিযোগে দুই শিক্ষার্থীকে স্থায়ীভাবে বহিষ্কার করা হয়েছে। গতকাল সোমবার সিন্ডিকেটের সভায় এ সিদ্ধান্ত নেওয়া হয়। বিশ্ববিদ্যালয়ের জনসংযোগ দপ্তর এক বিজ্ঞপ্তিতে এ তথ্য জানিয়েছে। ডিজিটাল জালিয়াতি ও অবৈধ পন্থায় ঢাকা বিশ্ববিদ্যালয়ে ভর্তি হওয়ার অভিযোগে দুই শিক্ষার্থীকে স্থায়ীভাবে বহিষ্কার করা হয়েছে। গতকাল সোমবার সিন্ডিকেটের সভায় এ সিদ্ধান্ত নেওয়া হয়। বিশ্ববিদ্যালয়ের জনসংযোগ দপ্তর এক বিজ্ঞপ্তিতে এ তথ্য জানিয়েছে। ডিজিটাল জালিয়াতি ও অবৈধ পন্থায় ঢাকা বিশ্ববিদ্যালয়ে ভর্তি হওয়ার অভিযোগে দুই শিক্ষার্থীকে স্থায়ীভাবে বহিষ্কার করা হয়েছে। গতকাল সোমবার সিন্ডিকেটের সভায় এ সিদ্ধান্ত নেওয়া হয়। বিশ্ববিদ্যালয়ের জনসংযোগ দপ্তর এক বিজ্ঞপ্তিতে এ তথ্য জানিয়েছে। ডিজিটাল জালিয়াতি ও অবৈধ পন্থায় ঢাকা বিশ্ববিদ্যালয়ে ভর্তি হওয়ার অভিযোগে দুই শিক্ষার্থীকে স্থায়ীভাবে বহিষ্কার করা হয়েছে। গতকাল সোমবার সিন্ডিকেটের সভায় এ সিদ্ধান্ত নেওয়া হয়। বিশ্ববিদ্যালয়ের জনসংযোগ দপ্তর এক বিজ্ঞপ্তিতে এ তথ্য জানিয়েছে। ডিজিটাল জালিয়াতি ও অবৈধ পন্থায় ঢাকা বিশ্ববিদ্যালয়ে ভর্তি হওয়ার অভিযোগে দুই শিক্ষার্থীকে স্থায়ীভাবে বহিষ্কার করা হয়েছে। গতকাল সোমবার সিন্ডিকেটের সভায় এ সিদ্ধান্ত নেওয়া হয়। বিশ্ববিদ্যালয়ের জনসংযোগ দপ্তর এক
ইজিবাইকচালকের দুই পায়ের রগ কর্তন
বরগুনা প্রতিনিধি:
বরগুনার পাথরঘাটায় এক ইজিবাইকচালকের দুই পায়ের রগ কেটে দিয়েছে দুর্বৃত্তরা। গতকাল সোমবার সকালে উপজেলার একটি গ্রামে এ ঘটনা ঘটে। আহত ব্যক্তিকে উদ্ধার করে হাসপাতালে ভর্তি করা হয়েছে। পুলিশ ঘটনাস্থল পরিদর্শন করেছে। বরগুনার পাথরঘাটায় এক ইজিবাইকচালকের দুই পায়ের রগ কেটে দিয়েছে দুর্বৃত্তরা। গতকাল সোমবার সকালে উপজেলার একটি গ্রামে এ ঘটনা ঘটে। আহত ব্যক্তিকে উদ্ধার করে হাসপাতালে ভর্তি করা হয়েছে। পুলিশ ঘটনাস্থল পরিদর্শন করেছে। বরগুনার পাথরঘাটায় এক ইজিবাইকচালকের দুই পায়ের রগ কেটে দিয়েছে দুর্বৃত্তরা। গতকাল সোমবার সকালে উপজেলার একটি গ্রামে এ ঘটনা ঘটে। আহত ব্যক্তিকে উদ্ধার করে হাসপাতালে ভর্তি করা হয়েছে। পুলিশ ঘটনাস্থল পরিদর্শন করেছে। বরগুনার পাথরঘাটায় এক ইজিবাইকচালকের দুই পায়ের রগ কেটে দিয়েছে দুর্বৃত্তরা। গতকাল সোমবার সকালে উপজেলার একটি গ্রামে এ ঘটনা ঘটে। আহত ব্যক্তিকে উদ্ধার করে হাসপাতালে ভর্তি করা হয়েছে। পুলিশ ঘটনাস্থল পরিদর্শন করেছে। বরগুনার পাথরঘাটায় এক ইজিবাইকচালকের দুই পায়ের রগ কেটে দিয়েছে দুর্বৃত্তরা। গতকাল সোমবার সকালে উপজেলার একটি গ্রামে এ ঘটনা ঘটে। আহত ব্যক্তিকে উদ্ধার করে হাসপাতালে ভর্তি করা হয়েছে। পুলিশ ঘটনাস্থল পরিদর্শন করেছে। বরগুনার পাথরঘাটায় এক ইজিবাইকচালকের দুই পায়ের রগ কেটে দিয়েছে দুর্বৃত্তরা। গতকাল সোমবার সকালে উপজেলার একটি গ্রামে এ ঘটনা ঘটে। আহত ব্যক্তিকে উদ্ধার করে হাসপাতালে ভর্তি করা হয়েছে। পুলিশ ঘটনাস্থল পরিদর্শন করেছে। বরগুনার পাথরঘাটায় এক ইজিবাইকচালকের দুই পায়ের রগ কেটে দিয়েছে দুর্বৃত্তরা। গতকাল সোমবার সকালে উপজেলার একটি গ্রামে এ ঘটনা ঘটে। আহত ব্যক্তিকে উদ্ধার করে হাসপাতালে ভর্তি করা হয়েছে। পুলিশ ঘটনাস্থল পরিদর্শন করেছে। বরগুনার পাথরঘাটায় এক ইজিবাইকচালকের দুই পায়ের রগ কেটে দিয়েছে দুর্বৃত্তরা। গতকাল সোমবার সকালে উপজেলার একটি গ্রামে এ ঘটনা ঘটে। আহত ব্যক্তিকে উদ্ধার করে হাসপাতালে ভর্তি করা হয়েছে। পুলিশ ঘটনাস্থল পরিদর্শন করেছে। বরগুনার পাথরঘাটায় এক ইজিবাইকচালকের দুই পায়ের রগ কেটে দিয়েছে দুর্বৃত্তরা। গতকাল সোমবার সকালে উপজেলার একটি গ্রামে এ ঘটনা ঘটে। আহত ব্যক্তিকে উদ্ধার করে হাসপাতালে ভর্তি করা হয়েছে। পুলিশ ঘটনাস্থল পরিদর্শন করেছে। বরগুনার পাথরঘাটায় এক ইজিবাইকচালকের দুই পায়ের রগ কেটে দিয়েছে দুর্বৃত্তরা। গতকাল
রংপুরে আওয়ামী লীগ নেতা সোহেলের ২য় মৃত্যুবার্ষিকী পালিত
রংপুর জেলা প্রতিনিধি:
রংপুর জেলা আওয়ামী লীগের যুগ্ম সাধারণ সম্পাদক শাহিদুর রহমান সোহেলের ২য় মৃত্যুবার্ষিকী পালিত হয়েছে। এ উপলক্ষে কবর জিয়ারত, দোয়া মাহফিল ও আলোচনা সভার আয়োজন করা হয়। রংপুর জেলা আওয়ামী লীগের যুগ্ম সাধারণ সম্পাদক শাহিদুর রহমান সোহেলের ২য় মৃত্যুবার্ষিকী পালিত হয়েছে। এ উপলক্ষে কবর জিয়ারত, দোয়া মাহফিল ও আলোচনা সভার আয়োজন করা হয়। রংপুর জেলা আওয়ামী লীগের যুগ্ম সাধারণ সম্পাদক শাহিদুর রহমান সোহেলের ২য় মৃত্যুবার্ষিকী পালিত হয়েছে। এ উপলক্ষে কবর জিয়ারত, দোয়া মাহফিল ও আলোচনা সভার আয়োজন করা হয়। রংপুর জেলা আওয়ামী লীগের যুগ্ম সাধারণ সম্পাদক শাহিদুর রহমান সোহেলের ২য় মৃত্যুবার্ষিকী পালিত হয়েছে। এ উপলক্ষে কবর জিয়ারত, দোয়া মাহফিল ও আলোচনা সভার আয়োজন করা হয়। রংপুর জেলা আওয়ামী লীগের যুগ্ম সাধারণ সম্পাদক শাহিদুর রহমান সোহেলের ২য় মৃত্যুবার্ষিকী পালিত হয়েছে। এ উপলক্ষে কবর জিয়ারত, দোয়া মাহফিল ও আলোচনা সভার আয়োজন করা হয়। রংপুর জেলা আওয়ামী লীগের যুগ্ম সাধারণ সম্পাদক শাহিদুর রহমান সোহেলের ২য় মৃত্যুবার্ষিকী পালিত হয়েছে। এ উপলক্ষে কবর জিয়ারত, দোয়া মাহফিল ও আলোচনা সভার আয়োজন করা হয়। রংপুর জেলা আওয়ামী লীগের যুগ্ম সাধারণ সম্পাদক শাহিদুর রহমান সোহেলের ২য় মৃত্যুবার্ষিকী পালিত হয়েছে। এ উপলক্ষে কবর জিয়ারত, দোয়া মাহফিল ও আলোচনা সভার আয়োজন করা হয়। রংপুর জেলা আওয়ামী
করোনায় প্রাণ গেলো প্রাথমিকের শিক্ষিকার
চট্টগ্রাম প্রতিনিধি:
চট্টগ্রামের হাটহাজারীতে করোনায় আক্রান্ত হয়ে এক প্রাথমিক বিদ্যালয়ের শিক্ষিকার মৃত্যু হয়েছে। তিনি বেশ কিছুদিন ধরে হাসপাতালে চিকিৎসাধীন ছিলেন। তার মৃত্যুতে সহকর্মী ও শিক্ষার্থীদের মধ্যে শোকের ছায়া নেমে এসেছে। চট্টগ্রামের হাটহাজারীতে করোনায় আক্রান্ত হয়ে এক প্রাথমিক বিদ্যালয়ের শিক্ষিকার মৃত্যু হয়েছে। তিনি বেশ কিছুদিন ধরে হাসপাতালে চিকিৎসাধীন ছিলেন। তার মৃত্যুতে সহকর্মী ও শিক্ষার্থীদের মধ্যে শোকের ছায়া নেমে এসেছে। চট্টগ্রামের হাটহাজারীতে করোনায় আক্রান্ত হয়ে এক প্রাথমিক বিদ্যালয়ের শিক্ষিকার মৃত্যু হয়েছে। তিনি বেশ কিছুদিন ধরে হাসপাতালে চিকিৎসাধীন ছিলেন। তার মৃত্যুতে সহকর্মী ও শিক্ষার্থীদের মধ্যে শোকের ছায়া নেমে এসেছে। চট্টগ্রামের হাটহাজারীতে করোনায় আক্রান্ত হয়ে এক প্রাথমিক বিদ্যালয়ের শিক্ষিকার মৃত্যু হয়েছে। তিনি বেশ কিছুদিন ধরে হাসপাতালে চিকিৎসাধীন ছিলেন। তার মৃত্যুতে সহকর্মী ও শিক্ষার্থীদের মধ্যে শোকের ছায়া নেমে এসেছে। চট্টগ্রামের হাটহাজারীতে করোনায় আক্রান্ত হয়ে এক প্রাথমিক বিদ্যালয়ের শিক্ষিকার মৃত্যু হয়েছে। তিনি বেশ কিছুদিন ধরে হাসপাতালে চিকিৎসাধীন ছিলেন। তার মৃত্যুতে সহকর্মী ও শিক্ষার্থীদের মধ্যে শোকের ছায়া নেমে এসেছে। চট্টগ্রামের হাটহাজারীতে করোনায় আক্রান্ত হয়ে এক প্রাথমিক বিদ্যালয়ের শিক্ষিকার মৃত্যু হয়েছে। তিনি বেশ কিছুদিন ধরে হাসপাতালে চিকিৎসাধীন ছিলেন। তার মৃত্যুতে সহকর্মী ও শিক্ষার্থীদের মধ্যে শোকের ছায়া নেমে এসেছে। চট্টগ্রামের হাটহাজারীতে করোনায় আক্রান্ত হয়ে এক প্রাথমিক বিদ্যালয়ের শিক্ষিকার মৃত্যু হয়েছে। তিনি বেশ কিছুদিন ধরে হাসপাতালে চিকিৎসাধীন ছিলেন। তার মৃত্যুতে সহকর্মী ও শিক্ষার্থীদের মধ্যে শোকের ছায়া নেমে এসেছে। চট্টগ্রামের হাটহাজারীতে করোনায় আক্রান্ত হয়ে এক প্রাথমিক বিদ্যালয়ের শিক্ষিকার মৃত্যু হয়েছে। তিনি বেশ কিছুদিন ধরে হাসপাতালে চিকিৎসাধীন
নিম্নমানের অক্সিমিটার থার্মোমিটার বিক্রি কালোবাজারি আটক
স্টাফ রিপোর্টার, ঢাকা অফিস:
রাজধানীর মিরপুর থেকে বিপুল পরিমাণ নিম্নমানের চিকিৎসা সরঞ্জামসহ কালোবাজারি চক্রের এক সদস্যকে আটক করেছে র‌্যাব। তার কাছ থেকে অক্সিমিটার, থার্মোমিটার ও অন্যান্য সামগ্রী জব্দ করা হয়। র‌্যাব জানায়, চক্রটি দীর্ঘদিন ধরে এসব পণ্য বেশি দামে বিক্রি করে আসছিল। রাজধানীর মিরপুর থেকে বিপুল পরিমাণ নিম্নমানের চিকিৎসা সরঞ্জামসহ কালোবাজারি চক্রের এক সদস্যকে আটক করেছে র‌্যাব। তার কাছ থেকে অক্সিমিটার, থার্মোমিটার ও অন্যান্য সামগ্রী জব্দ করা হয়। র‌্যাব জানায়, চক্রটি দীর্ঘদিন ধরে এসব পণ্য বেশি দামে বিক্রি করে আসছিল। রাজধানীর মিরপুর থেকে বিপুল পরিমাণ নিম্নমানের চিকিৎসা সরঞ্জামসহ কালোবাজারি চক্রের এক সদস্যকে আটক করেছে র‌্যাব। তার কাছ থেকে অক্সিমিটার, থার্মোমিটার ও অন্যান্য সামগ্রী জব্দ করা হয়। র‌্যাব জানায়, চক্রটি দীর্ঘদিন ধরে এসব পণ্য বেশি দামে বিক্রি করে আসছিল। রাজধানীর মিরপুর থেকে বিপুল পরিমাণ নিম্নমানের চিকিৎসা সরঞ্জামসহ কালোবাজারি চক্রের এক সদস্যকে আটক করেছে র‌্যাব। তার কাছ থেকে অক্সিমিটার, থার্মোমিটার ও অন্যান্য সামগ্রী জব্দ করা হয়। র‌্যাব জানায়, চক্রটি দীর্ঘদিন ধরে এসব পণ্য বেশি দামে বিক্রি করে আসছিল।
জেলেদের জন্য বরাদ্দ ১১১১৯ মেট্রিক টন চাল
স্টাফ রিপোর্টার, ঢাকা অফিস:
প্রজনন মৌসুমে ইলিশ আহরণ নিষিদ্ধকালীন সময়ে জেলেদের জন্য ১১ হাজার ১১৯ মেট্রিক টন চাল বরাদ্দ দিয়েছে সরকার। দুর্যোগ ব্যবস্থাপনা ও ত্রাণ মন্ত্রণালয় থেকে এ বরাদ্দ দেওয়া হয়েছে। প্রতিটি জেলে পরিবার ২০ কেজি করে চাল পাবে। প্রজনন মৌসুমে ইলিশ আহরণ নিষিদ্ধকালীন সময়ে জেলেদের জন্য ১১ হাজার ১১৯ মেট্রিক টন চাল বরাদ্দ দিয়েছে সরকার। দুর্যোগ ব্যবস্থাপনা ও ত্রাণ মন্ত্রণালয় থেকে এ বরাদ্দ দেওয়া হয়েছে। প্রতিটি জেলে পরিবার ২০ কেজি করে চাল পাবে। প্রজনন মৌসুমে ইলিশ আহরণ নিষিদ্ধকালীন সময়ে জেলেদের জন্য ১১ হাজার ১১৯ মেট্রিক টন চাল বরাদ্দ দিয়েছে সরকার। দুর্যোগ ব্যবস্থাপনা ও ত্রাণ মন্ত্রণালয় থেকে এ বরাদ্দ দেওয়া হয়েছে। প্রতিটি জেলে পরিবার ২০ কেজি করে চাল পাবে।
ব্রাহ্মণবাড়িয়ায় পুলিশি বাঁধায় পণ্ড যুবদলের আনন্দ মিছিল, আটক ১
ব্রাহ্মণবাড়িয়া প্রতিনিধি:
ব্রাহ্মণবাড়িয়া শহরে যুবদলের আনন্দ মিছিলে পুলিশি বাধায় পণ্ড হয়ে গেছে। এ সময় এক যুবদল নেতাকে আটক করেছে পুলিশ। গতকাল সোমবার দুপুরে শহরের কেন্দ্রীয় এলাকায় এ ঘটনা ঘটে। পুলিশ জানায়, অনুমতি ছাড়া মিছিল বের করায় তাদের বাধা দেওয়া হয়। ব্রাহ্মণবাড়িয়া শহরে যুবদলের আনন্দ মিছিলে পুলিশি বাধায় পণ্ড হয়ে গেছে। এ সময় এক যুবদল নেতাকে আটক করেছে পুলিশ। গতকাল সোমবার দুপুরে শহরের কেন্দ্রীয় এলাকায় এ ঘটনা ঘটে। পুলিশ জানায়, অনুমতি ছাড়া মিছিল বের করায় তাদের বাধা দেওয়া হয়। ব্রাহ্মণবাড়িয়া শহরে যুবদলের আনন্দ মিছিলে পুলিশি বাধায় পণ্ড হয়ে গেছে। এ সময় এক যুবদল নেতাকে আটক করেছে পুলিশ। গতকাল সোমবার দুপুরে শহরের কেন্দ্রীয় এলাকায় এ ঘটনা ঘটে। পুলিশ জানায়, অনুমতি ছাড়া মিছিল বের করায় তাদের বাধা দেওয়া হয়। ব্রাহ্মণবাড়িয়া শহরে যুবদলের আনন্দ মিছিলে পুলিশি বাধায় পণ্ড হয়ে গেছে। এ সময় এক যুবদল নেতাকে আটক করেছে পুলিশ। গতকাল সোমবার দুপুরে শহরের কেন্দ্রীয় এলাকায় এ ঘটনা ঘটে। পুলিশ জানায়, অনুমতি ছাড়া মিছিল বের করায় তাদের বাধা দেওয়া হয়।
সড়কে ঝরল মা-মেয়ে
(৭), একই উপজেলার জয়পুর গ্রামের মো. আলমের স্ত্রী (৩৫) ও তার মেয়ে। স্থানীয়রা জানান, দ্রুতগামী একটি ট্রাক তাদের বহনকারী অটোরিকশাকে ধাক্কা দিলে ঘটনাস্থলেই তারা নিহত হন। পুলিশ ট্রাকটি জব্দ করেছে। (৭), একই উপজেলার জয়পুর গ্রামের মো. আলমের স্ত্রী (৩৫) ও তার মেয়ে। স্থানীয়রা জানান, দ্রুতগামী একটি ট্রাক তাদের বহনকারী অটোরিকশাকে ধাক্কা দিলে ঘটনাস্থলেই তারা নিহত হন। পুলিশ ট্রাকটি জব্দ করেছে। (৭), একই উপজেলার জয়পুর গ্রামের মো. আলমের স্ত্রী (৩৫) ও তার মেয়ে। স্থানীয়রা জানান, দ্রুতগামী একটি ট্রাক তাদের বহনকারী অটোরিকশাকে ধাক্কা দিলে ঘটনাস্থলেই তারা নিহত হন। পুলিশ ট্রাকটি জব্দ করেছে। (৭), একই উপজেলার জয়পুর গ্রামের মো. আলমের স্ত্রী (৩৫) ও তার মেয়ে। স্থানীয়রা জানান, দ্রুতগামী একটি ট্রাক তাদের বহনকারী অটোরিকশাকে ধাক্কা দিলে ঘটনাস্থলেই তারা নিহত হন। পুলিশ ট্রাকটি জব্দ করেছে।
নিহত শিশুটির মায়ের আহাজারি
দুর্ঘটনায় নিহত শিশুটির পরিবারের সদস্যরা শোকে মুহ্যমান। স্বজনদের কান্নায় এলাকার বাতাস ভারী হয়ে উঠেছে। এলাকাবাসী সড়কে গতিরোধক নির্মাণের দাবি জানিয়েছেন। দুর্ঘটনায় নিহত শিশুটির পরিবারের সদস্যরা শোকে মুহ্যমান। স্বজনদের কান্নায় এলাকার বাতাস ভারী হয়ে উঠেছে। এলাকাবাসী সড়কে গতিরোধক নির্মাণের দাবি জানিয়েছেন। দুর্ঘটনায় নিহত শিশুটির পরিবারের সদস্যরা শোকে মুহ্যমান। স্বজনদের কান্নায় এলাকার বাতাস ভারী হয়ে উঠেছে। এলাকাবাসী সড়কে গতিরোধক নির্মাণের দাবি জানিয়েছেন। দুর্ঘটনায় নিহত শিশুটির পরিবারের সদস্যরা শোকে মুহ্যমান। স্বজনদের কান্নায় এলাকার বাতাস ভারী হয়ে উঠেছে। এলাকাবাসী সড়কে গতিরোধক নির্মাণের দাবি জানিয়েছেন। দুর্ঘটনায় নিহত শিশুটির পরিবারের সদস্যরা শোকে মুহ্যমান। স্বজনদের কান্নায় এলাকার বাতাস ভারী হয়ে উঠেছে। এলাকাবাসী সড়কে গতিরোধক নির্মাণের দাবি জানিয়েছেন।
আপনার রাশিফল
২৮ সেপ্টেম্বর ২০২১
জ্যোতিষ কার্তিক কুমার রায়
আজ আপনার জন্ম হলে আপনি বৃষ রাশি জাতক/জাতিকা। আপনার উপর শুক্র, রবি ও চন্দ্র গ্রহের শুভ প্রভাব আছে।
আপনার শাসক গ্রহ	: শুক্র
আপনার শুভ সংখ্যা	: ১
আপনার শুভ রং	: হীরা, রুবী ও রক্তপ্রবাল
আপনার শুভ রত্ন	: লাল, কমলা ও গুলাপী
আপনার শুভ বার	: বুধ
আপনার শুভ ধাতু	: রুপা
আজকের দিনের তিথি : কৃষ্ণপক্ষে সপ্তমী বিকাল ০৩-৩৮-৪৮মি: পর্যন্ত, পরে অষ্টমী আরম্ভ।
মেষ : রাজনৈতিক ক্ষেত্রে বাধা বিপত্তি কাটিয়ে উঠবেন। চাকরি ক্ষেত্রে সুনাম বাড়বে। আর্থিক ক্ষেত্রে শুভ।
তুলা : গোপন শত্রু কাছে আসবে। আর্থিক স্ফীতি হবে। বন্ধুদের দ্বারা উপকৃত হবেন।
বৃষ : আর্থিক লেনদেনে সতর্ক থাকুন। চাকরি ক্ষেত্রে উন্নতি হবে। পরিবারে আনন্দ।
বৃশ্চিক : ভ্রমণে সাবধানতা প্রয়োজন। সন্তানের শিক্ষায় সাফল্য। ব্যবসায় লাভ।
মিথুন : সাহস বাড়বে। বিদেশ যাত্রার যোগ আছে। প্রেমে শুভ ফল পাবেন।
ধনু : গোপন তথ্য আপনার কাছে থাকবে। আর্থিক উন্নতি হবে।
কর্কট : শরীর সম্পর্কে সচেতন থাকুন। ব্যবসায় নতুন চুক্তি হবে।
মকর : কর্মক্ষেত্রে দায়িত্ব বাড়বে। শিক্ষায় সাফল্য আসবে।
সিংহ : আর্থিক ব্যাপারে সাফল্য আসবে। সম্পর্কে স্থিতি থাকবে।
কুম্ভ : শিল্প ও বাণিজ্যে উন্নতি হবে। পারিবারিক শান্তি বজায় থাকবে।
কন্যা : পরিবারে শুভ কাজ হবে। ভ্রমণে আনন্দ পাবেন।
মীন : গোপন তথ্য জেনে যাবেন। মামলায় জয়লাভ করবেন।
